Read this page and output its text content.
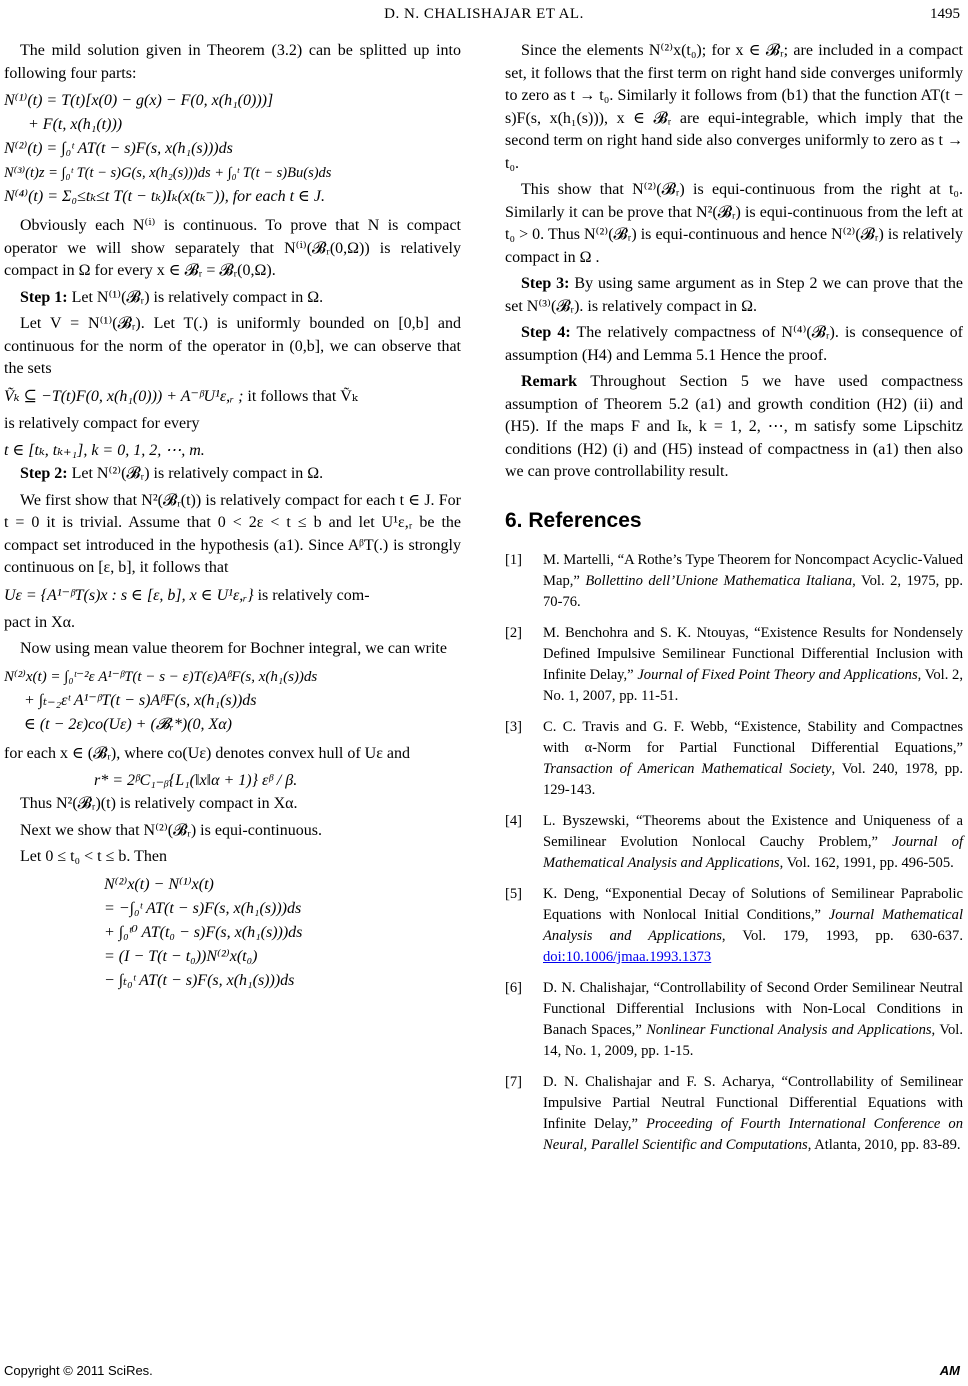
D. N. CHALISHAJAR ET AL.	1495

The mild solution given in Theorem (3.2) can be splitted up into following four parts:

N⁽¹⁾(t) = T(t)[x(0) − g(x) − F(0, x(h₁(0)))]
+ F(t, x(h₁(t)))
N⁽²⁾(t) = ∫₀ᵗ AT(t − s)F(s, x(h₁(s)))ds
N⁽³⁾(t)z = ∫₀ᵗ T(t − s)G(s, x(h₂(s)))ds + ∫₀ᵗ T(t − s)Bu(s)ds
N⁽⁴⁾(t) = Σ₀≤tₖ≤t T(t − tₖ)Iₖ(x(tₖ⁻)), for each t ∈ J.

Obviously each N⁽ⁱ⁾ is continuous. To prove that N is compact operator we will show separately that N⁽ⁱ⁾(𝓑ᵣ(0,Ω)) is relatively compact in Ω for every x ∈ 𝓑ᵣ = 𝓑ᵣ(0,Ω).

Step 1: Let N⁽¹⁾(𝓑ᵣ) is relatively compact in Ω.

Let V = N⁽¹⁾(𝓑ᵣ). Let T(.) is uniformly bounded on [0,b] and continuous for the norm of the operator in (0,b], we can observe that the sets

Ṽₖ ⊆ −T(t)F(0, x(h₁(0))) + A⁻ᵝU¹ε,ᵣ ; it follows that Ṽₖ

is relatively compact for every

t ∈ [tₖ, tₖ₊₁], k = 0, 1, 2, ⋯, m.

Step 2: Let N⁽²⁾(𝓑ᵣ) is relatively compact in Ω.

We first show that N²(𝓑ᵣ(t)) is relatively compact for each t ∈ J. For t = 0 it is trivial. Assume that 0 < 2ε < t ≤ b and let U¹ε,ᵣ be the compact set introduced in the hypothesis (a1). Since AᵝT(.) is strongly continuous on [ε, b], it follows that

Uε = {A¹⁻ᵝT(s)x : s ∈ [ε, b], x ∈ U¹ε,ᵣ} is relatively com-

pact in Xα.

Now using mean value theorem for Bochner integral, we can write

N⁽²⁾x(t) = ∫₀ᵗ⁻²ε A¹⁻ᵝT(t − s − ε)T(ε)AᵝF(s, x(h₁(s))ds
+ ∫ₜ₋₂εᵗ A¹⁻ᵝT(t − s)AᵝF(s, x(h₁(s))ds
∈ (t − 2ε)co(Uε) + (𝓑ᵣ*)(0, Xα)

for each x ∈ (𝓑ᵣ), where co(Uε) denotes convex hull of Uε and

r* = 2ᵝC₁₋ᵦ{L₁(‖x‖α + 1)} εᵝ / β.

Thus N²(𝓑ᵣ)(t) is relatively compact in Xα.

Next we show that N⁽²⁾(𝓑ᵣ) is equi-continuous.

Let 0 ≤ t₀ < t ≤ b. Then

N⁽²⁾x(t) − N⁽¹⁾x(t)
= −∫₀ᵗ AT(t − s)F(s, x(h₁(s)))ds
+ ∫₀ᵗ⁰ AT(t₀ − s)F(s, x(h₁(s)))ds
= (I − T(t − t₀))N⁽²⁾x(t₀)
− ∫ₜ₀ᵗ AT(t − s)F(s, x(h₁(s)))ds

Since the elements N⁽²⁾x(t₀); for x ∈ 𝓑ᵣ; are included in a compact set, it follows that the first term on right hand side converges uniformly to zero as t → t₀. Similarly it follows from (b1) that the function AT(t − s)F(s, x(h₁(s))), x ∈ 𝓑ᵣ are equi-integrable, which imply that the second term on right hand side also converges uniformly to zero as t → t₀.

This show that N⁽²⁾(𝓑ᵣ) is equi-continuous from the right at t₀. Similarly it can be prove that N²(𝓑ᵣ) is equi-continuous from the left at t₀ > 0. Thus N⁽²⁾(𝓑ᵣ) is equi-continuous and hence N⁽²⁾(𝓑ᵣ) is relatively compact in Ω .

Step 3: By using same argument as in Step 2 we can prove that the set N⁽³⁾(𝓑ᵣ). is relatively compact in Ω.

Step 4: The relatively compactness of N⁽⁴⁾(𝓑ᵣ). is consequence of assumption (H4) and Lemma 5.1 Hence the proof.

Remark Throughout Section 5 we have used compactness assumption of Theorem 5.2 (a1) and growth condition (H2) (ii) and (H5). If the maps F and Iₖ, k = 1, 2, ⋯, m satisfy some Lipschitz conditions (H2) (i) and (H5) instead of compactness in (a1) then also we can prove controllability result.

6. References
[1] M. Martelli, “A Rothe’s Type Theorem for Noncompact Acyclic-Valued Map,” Bollettino dell’Unione Mathematica Italiana, Vol. 2, 1975, pp. 70-76.
[2] M. Benchohra and S. K. Ntouyas, “Existence Results for Nondensely Defined Impulsive Semilinear Functional Differential Inclusion with Infinite Delay,” Journal of Fixed Point Theory and Applications, Vol. 2, No. 1, 2007, pp. 11-51.
[3] C. C. Travis and G. F. Webb, “Existence, Stability and Compactnes with α-Norm for Partial Functional Differential Equations,” Transaction of American Mathematical Society, Vol. 240, 1978, pp. 129-143.
[4] L. Byszewski, “Theorems about the Existence and Uniqueness of a Semilinear Evolution Nonlocal Cauchy Problem,” Journal of Mathematical Analysis and Applications, Vol. 162, 1991, pp. 496-505.
[5] K. Deng, “Exponential Decay of Solutions of Semilinear Paprabolic Equations with Nonlocal Initial Conditions,” Journal Mathematical Analysis and Applications, Vol. 179, 1993, pp. 630-637. doi:10.1006/jmaa.1993.1373
[6] D. N. Chalishajar, “Controllability of Second Order Semilinear Neutral Functional Differential Inclusions with Non-Local Conditions in Banach Spaces,” Nonlinear Functional Analysis and Applications, Vol. 14, No. 1, 2009, pp. 1-15.
[7] D. N. Chalishajar and F. S. Acharya, “Controllability of Semilinear Impulsive Partial Neutral Functional Differential Equations with Infinite Delay,” Proceeding of Fourth International Conference on Neural, Parallel Scientific and Computations, Atlanta, 2010, pp. 83-89.
Copyright © 2011 SciRes.	AM
